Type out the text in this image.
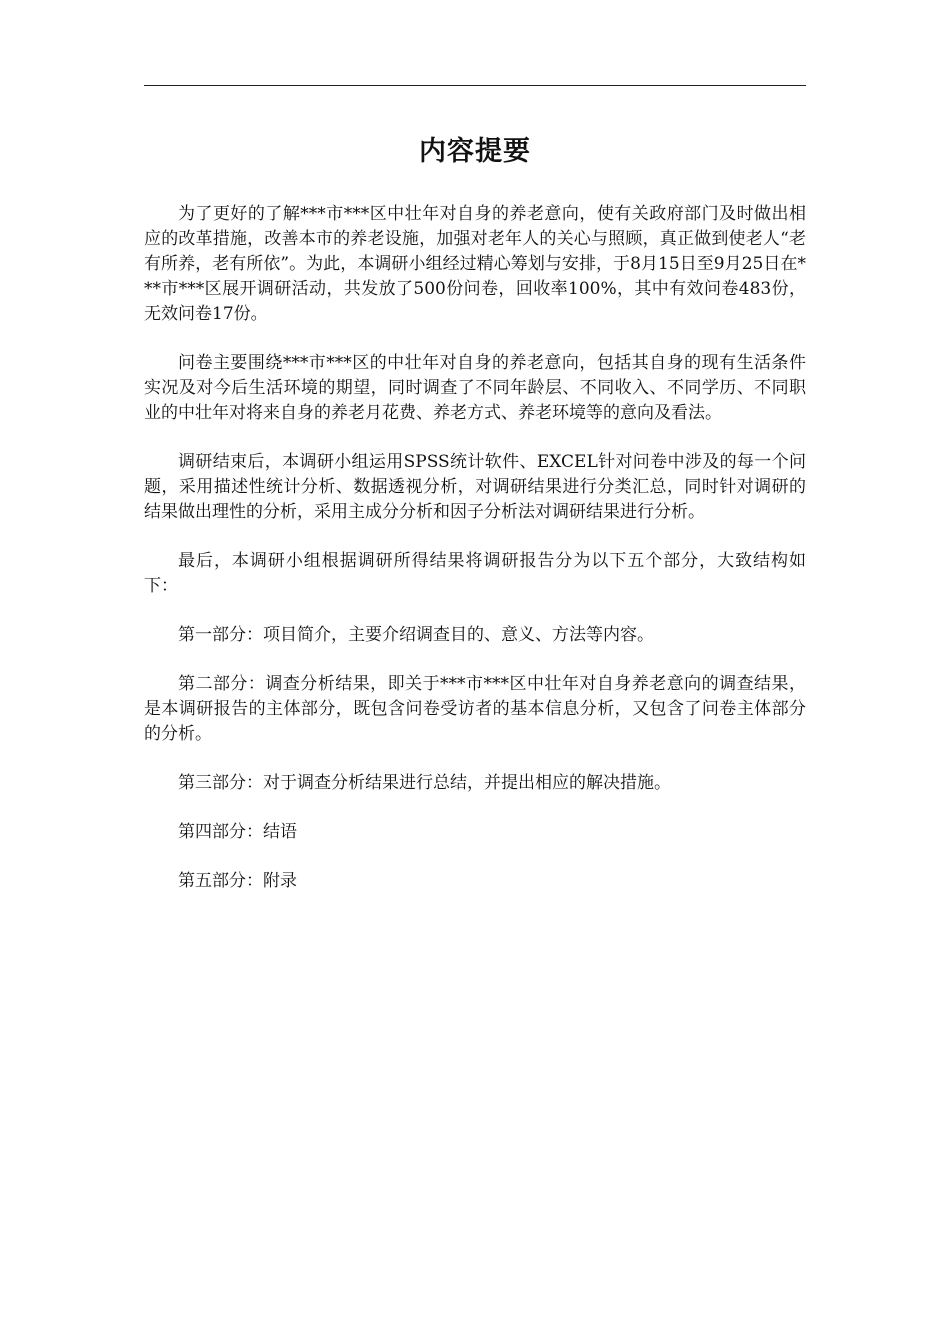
内容提要

为了更好的了解***市***区中壮年对自身的养老意向，使有关政府部门及时做出相应的改革措施，改善本市的养老设施，加强对老年人的关心与照顾，真正做到使老人“老有所养，老有所依”。为此，本调研小组经过精心筹划与安排，于8月15日至9月25日在***市***区展开调研活动，共发放了500份问卷，回收率100%，其中有效问卷483份，无效问卷17份。

问卷主要围绕***市***区的中壮年对自身的养老意向，包括其自身的现有生活条件实况及对今后生活环境的期望，同时调查了不同年龄层、不同收入、不同学历、不同职业的中壮年对将来自身的养老月花费、养老方式、养老环境等的意向及看法。

调研结束后，本调研小组运用SPSS统计软件、EXCEL针对问卷中涉及的每一个问题，采用描述性统计分析、数据透视分析，对调研结果进行分类汇总，同时针对调研的结果做出理性的分析，采用主成分分析和因子分析法对调研结果进行分析。

最后，本调研小组根据调研所得结果将调研报告分为以下五个部分，大致结构如下：

第一部分：项目简介，主要介绍调查目的、意义、方法等内容。

第二部分：调查分析结果，即关于***市***区中壮年对自身养老意向的调查结果，是本调研报告的主体部分，既包含问卷受访者的基本信息分析，又包含了问卷主体部分的分析。

第三部分：对于调查分析结果进行总结，并提出相应的解决措施。

第四部分：结语

第五部分：附录
